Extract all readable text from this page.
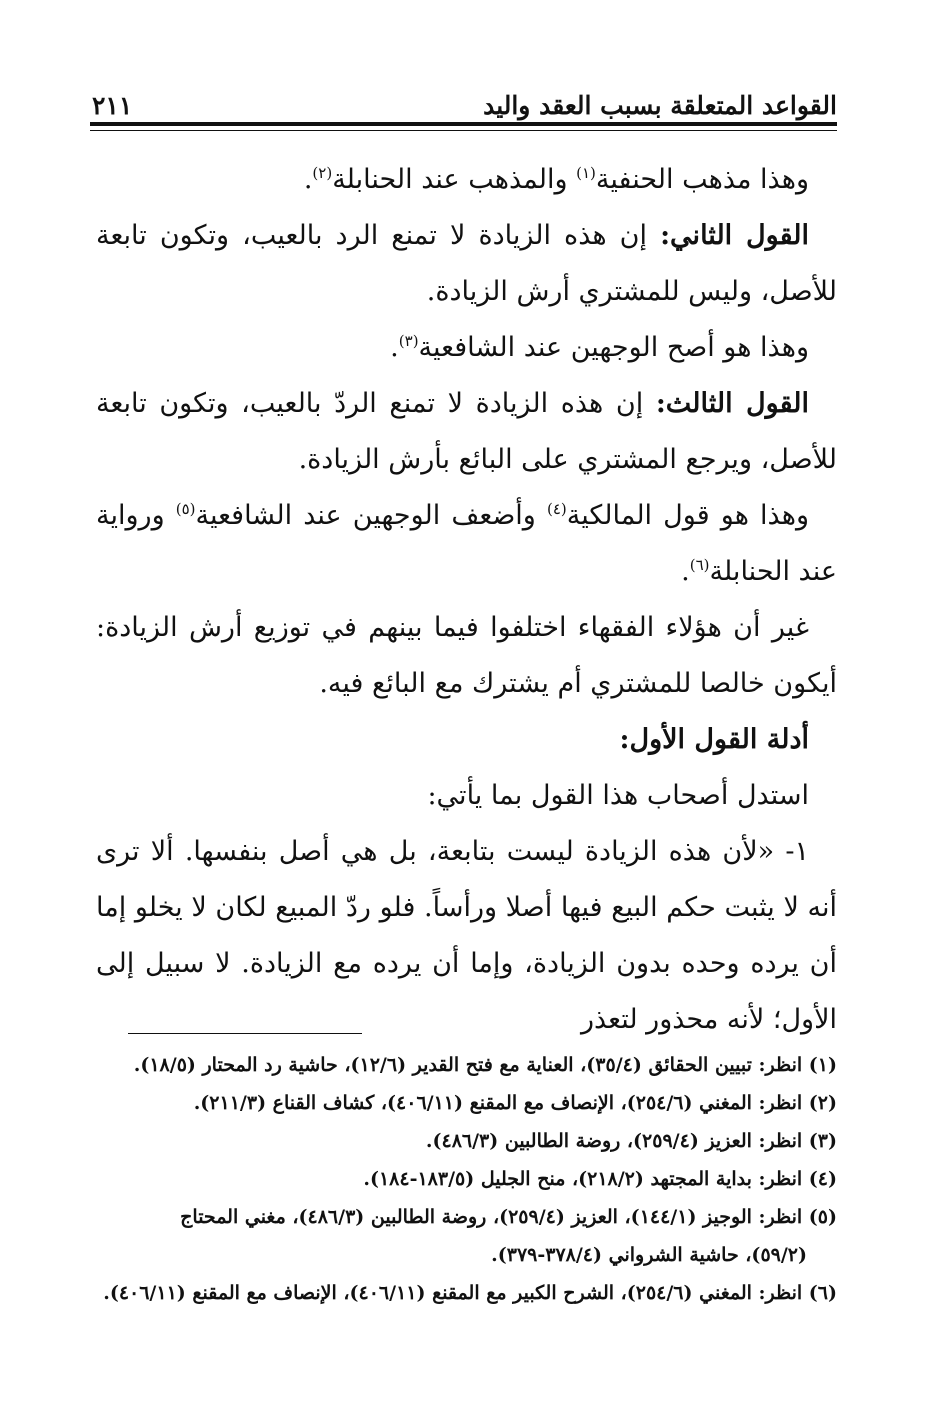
القواعد المتعلقة بسبب العقد واليد
٢١١

وهذا مذهب الحنفية$^{(١)}$ والمذهب عند الحنابلة$^{(٢)}$.

القول الثاني: إن هذه الزيادة لا تمنع الرد بالعيب، وتكون تابعة للأصل، وليس للمشتري أرش الزيادة.

وهذا هو أصح الوجهين عند الشافعية$^{(٣)}$.

القول الثالث: إن هذه الزيادة لا تمنع الردّ بالعيب، وتكون تابعة للأصل، ويرجع المشتري على البائع بأرش الزيادة.

وهذا هو قول المالكية$^{(٤)}$ وأضعف الوجهين عند الشافعية$^{(٥)}$ ورواية عند الحنابلة$^{(٦)}$.

غير أن هؤلاء الفقهاء اختلفوا فيما بينهم في توزيع أرش الزيادة: أيكون خالصا للمشتري أم يشترك مع البائع فيه.

أدلة القول الأول:

استدل أصحاب هذا القول بما يأتي:

١- «لأن هذه الزيادة ليست بتابعة، بل هي أصل بنفسها. ألا ترى أنه لا يثبت حكم البيع فيها أصلا ورأساً. فلو ردّ المبيع لكان لا يخلو إما أن يرده وحده بدون الزيادة، وإما أن يرده مع الزيادة. لا سبيل إلى الأول؛ لأنه محذور لتعذر

(١) انظر: تبيين الحقائق (٣٥/٤)، العناية مع فتح القدير (١٢/٦)، حاشية رد المحتار (١٨/٥).

(٢) انظر: المغني (٢٥٤/٦)، الإنصاف مع المقنع (٤٠٦/١١)، كشاف القناع (٢١١/٣).

(٣) انظر: العزيز (٢٥٩/٤)، روضة الطالبين (٤٨٦/٣).

(٤) انظر: بداية المجتهد (٢١٨/٢)، منح الجليل (١٨٣/٥-١٨٤).

(٥) انظر: الوجيز (١٤٤/١)، العزيز (٢٥٩/٤)، روضة الطالبين (٤٨٦/٣)، مغني المحتاج
(٥٩/٢)، حاشية الشرواني (٣٧٨/٤-٣٧٩).

(٦) انظر: المغني (٢٥٤/٦)، الشرح الكبير مع المقنع (٤٠٦/١١)، الإنصاف مع المقنع (٤٠٦/١١).
